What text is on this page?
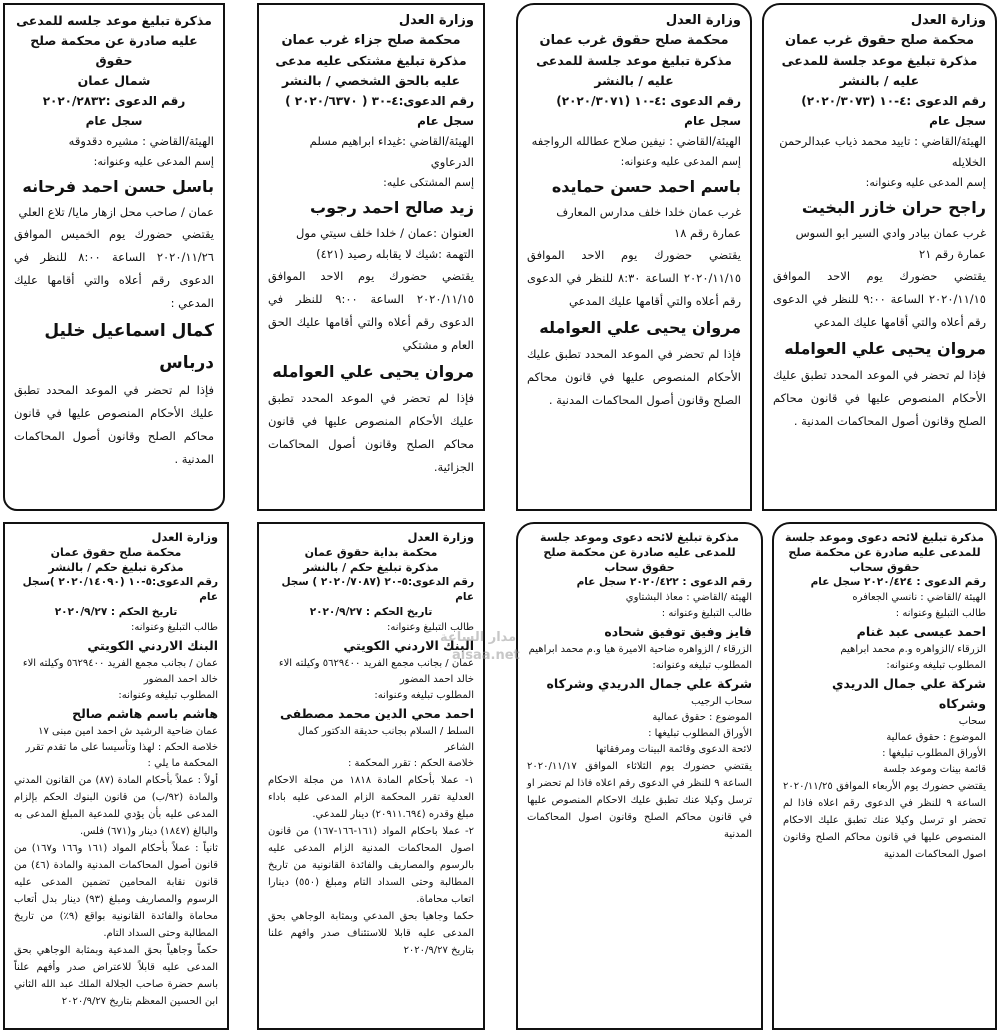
وزارة العدل
محكمة صلح حقوق غرب عمان
مذكرة تبليغ موعد جلسة للمدعى عليه / بالنشر
رقم الدعوى :٤-١٠ (٢٠٢٠/٣٠٧٣) سجل عام
الهيئة/القاضي : تاييد محمد ذياب عبدالرحمن الخلايله
إسم المدعى عليه وعنوانه:
راجح حران خازر البخيت
غرب عمان بيادر وادي السير ابو السوس عمارة رقم ٢١
يقتضي حضورك يوم الاحد الموافق ٢٠٢٠/١١/١٥ الساعة ٩:٠٠ للنظر في الدعوى رقم أعلاه والتي أقامها عليك المدعي
مروان يحيى علي العوامله
فإذا لم تحضر في الموعد المحدد تطبق عليك الأحكام المنصوص عليها في قانون محاكم الصلح وقانون أصول المحاكمات المدنية .
وزارة العدل
محكمة صلح حقوق غرب عمان
مذكرة تبليغ موعد جلسة للمدعى عليه / بالنشر
رقم الدعوى :٤-١٠ (٢٠٢٠/٣٠٧١) سجل عام
الهيئة/القاضي : نيفين صلاح عطالله الرواجفه
إسم المدعى عليه وعنوانه:
باسم احمد حسن حمايده
غرب عمان خلدا خلف مدارس المعارف عمارة رقم ١٨
يقتضي حضورك يوم الاحد الموافق ٢٠٢٠/١١/١٥ الساعة ٨:٣٠ للنظر في الدعوى رقم أعلاه والتي أقامها عليك المدعي
مروان يحيى علي العوامله
فإذا لم تحضر في الموعد المحدد تطبق عليك الأحكام المنصوص عليها في قانون محاكم الصلح وقانون أصول المحاكمات المدنية .
وزارة العدل
محكمة صلح جزاء غرب عمان
مذكرة تبليغ مشتكى عليه مدعى عليه بالحق الشخصي / بالنشر
رقم الدعوى:٤-٣٠ ( ٢٠٢٠/٦٣٧٠ ) سجل عام
الهيئة/القاضي :غيداء ابراهيم مسلم الدرعاوي
إسم المشتكى عليه:
زيد صالح احمد رجوب
العنوان :عمان / خلدا خلف سيتي مول
التهمة :شيك لا يقابله رصيد (٤٢١)
يقتضي حضورك يوم الاحد الموافق ٢٠٢٠/١١/١٥ الساعة ٩:٠٠ للنظر في الدعوى رقم أعلاه والتي أقامها عليك الحق العام و مشتكي
مروان يحيى علي العوامله
فإذا لم تحضر في الموعد المحدد تطبق عليك الأحكام المنصوص عليها في قانون محاكم الصلح وقانون أصول المحاكمات الجزائية.
مذكرة تبليغ موعد جلسه للمدعى
عليه صادرة عن محكمة صلح حقوق
شمال عمان
رقم الدعوى :٢٠٢٠/٢٨٣٢
سجل عام
الهيئة/القاضي : مشيره دقدوقه
إسم المدعى عليه وعنوانه:
باسل حسن احمد فرحانه
عمان / صاحب محل ازهار مايا/ تلاع العلي
يقتضي حضورك يوم الخميس الموافق ٢٠٢٠/١١/٢٦ الساعة ٨:٠٠ للنظر في الدعوى رقم أعلاه والتي أقامها عليك المدعي :
كمال اسماعيل خليل درباس
فإذا لم تحضر في الموعد المحدد تطبق عليك الأحكام المنصوص عليها في قانون محاكم الصلح وقانون أصول المحاكمات المدنية .
مذكرة تبليغ لائحه دعوى وموعد جلسة للمدعى عليه صادرة عن محكمة صلح حقوق سحاب
رقم الدعوى : ٢٠٢٠/٤٢٤ سجل عام
الهيئة /القاضي : نانسي الجعافره
طالب التبليغ وعنوانه :
احمد عيسى عبد غنام
الزرقاء /الزواهره و.م محمد ابراهيم
المطلوب تبليغه وعنوانه:
شركة علي جمال الدريدي وشركاه
سحاب
الموضوع : حقوق عمالية
الأوراق المطلوب تبليغها :
قائمة بينات وموعد جلسة
يقتضي حضورك يوم الأربعاء الموافق ٢٠٢٠/١١/٢٥ الساعة ٩ للنظر في الدعوى رقم اعلاه فاذا لم تحضر او ترسل وكيلا عنك تطبق عليك الاحكام المنصوص عليها في قانون محاكم الصلح وقانون اصول المحاكمات المدنية
مذكرة تبليغ لائحه دعوى وموعد جلسة للمدعى عليه صادرة عن محكمة صلح حقوق سحاب
رقم الدعوى : ٢٠٢٠/٤٢٢ سجل عام
الهيئة /القاضي : معاذ البشتاوي
طالب التبليغ وعنوانه :
فايز وفيق توفيق شحاده
الزرقاء / الزواهره ضاحية الاميرة هيا و.م محمد ابراهيم
المطلوب تبليغه وعنوانه:
شركة علي جمال الدريدي وشركاه
سحاب الرجيب
الموضوع : حقوق عمالية
الأوراق المطلوب تبليغها :
لائحة الدعوى وقائمة البينات ومرفقاتها
يقتضي حضورك يوم الثلاثاء الموافق ٢٠٢٠/١١/١٧ الساعة ٩ للنظر في الدعوى رقم اعلاه فاذا لم تحضر او ترسل وكيلا عنك تطبق عليك الاحكام المنصوص عليها في قانون محاكم الصلح وقانون اصول المحاكمات المدنية
وزارة العدل
محكمة بداية حقوق عمان
مذكرة تبليغ حكم / بالنشر
رقم الدعوى:٥-٢٠ (٢٠٢٠/٧٠٨٧ ) سجل عام
تاريخ الحكم : ٢٠٢٠/٩/٢٧
طالب التبليغ وعنوانه:
البنك الاردني الكويتي
عمان / بجانب مجمع الفريد ٥٦٢٩٤٠٠ وكيلته الاء خالد احمد المضور
المطلوب تبليغه وعنوانه:
احمد محي الدين محمد مصطفى
السلط / السلام بجانب حديقة الدكتور كمال الشاعر
خلاصة الحكم : تقرر المحكمة :
١- عملا بأحكام المادة ١٨١٨ من مجلة الاحكام العدلية تقرر المحكمة الزام المدعى عليه باداء مبلغ وقدره (٢٠٩١١.٦٩٤) دينار للمدعي.
٢- عملا باحكام المواد (١٦١-١٦٦-١٦٧) من قانون اصول المحاكمات المدنية الزام المدعى عليه بالرسوم والمصاريف والفائدة القانونية من تاريخ المطالبة وحتى السداد التام ومبلغ (٥٥٠) دينارا اتعاب محاماة.
حكما وجاهيا بحق المدعي وبمثابة الوجاهي بحق المدعى عليه قابلا للاستئناف صدر وافهم علنا بتاريخ ٢٠٢٠/٩/٢٧
وزارة العدل
محكمة صلح حقوق عمان
مذكرة تبليغ حكم / بالنشر
رقم الدعوى:٥-١٠ (٢٠٢٠/١٤٠٩٠ )سجل عام
تاريخ الحكم : ٢٠٢٠/٩/٢٧
طالب التبليغ وعنوانه:
البنك الاردني الكويتي
عمان / بجانب مجمع الفريد ٥٦٢٩٤٠٠ وكيلته الاء خالد احمد المضور
المطلوب تبليغه وعنوانه:
هاشم باسم هاشم صالح
عمان ضاحية الرشيد ش احمد امين مبنى ١٧
خلاصة الحكم : لهذا وتأسيسا على ما تقدم تقرر المحكمة ما يلي :
أولاً : عملاً بأحكام المادة (٨٧) من القانون المدني والمادة (٩٢/ب) من قانون البنوك الحكم بإلزام المدعى عليه بأن يؤدي للمدعية المبلغ المدعى به والبالغ (١٨٤٧) دينار و(٦٧١) فلس.
ثانياً : عملاً بأحكام المواد (١٦١ و١٦٦ و١٦٧) من قانون أصول المحاكمات المدنية والمادة (٤٦) من قانون نقابة المحامين تضمين المدعى عليه الرسوم والمصاريف ومبلغ (٩٣) دينار بدل أتعاب محاماة والفائدة القانونية بواقع (٩٪) من تاريخ المطالبة وحتى السداد التام.
حكماً وجاهياً بحق المدعية وبمثابة الوجاهي بحق المدعى عليه قابلاً للاعتراض صدر وأفهم علناً باسم حضرة صاحب الجلالة الملك عبد الله الثاني ابن الحسين المعظم بتاريخ ٢٠٢٠/٩/٢٧
مدار الساعة
alsaa.net
